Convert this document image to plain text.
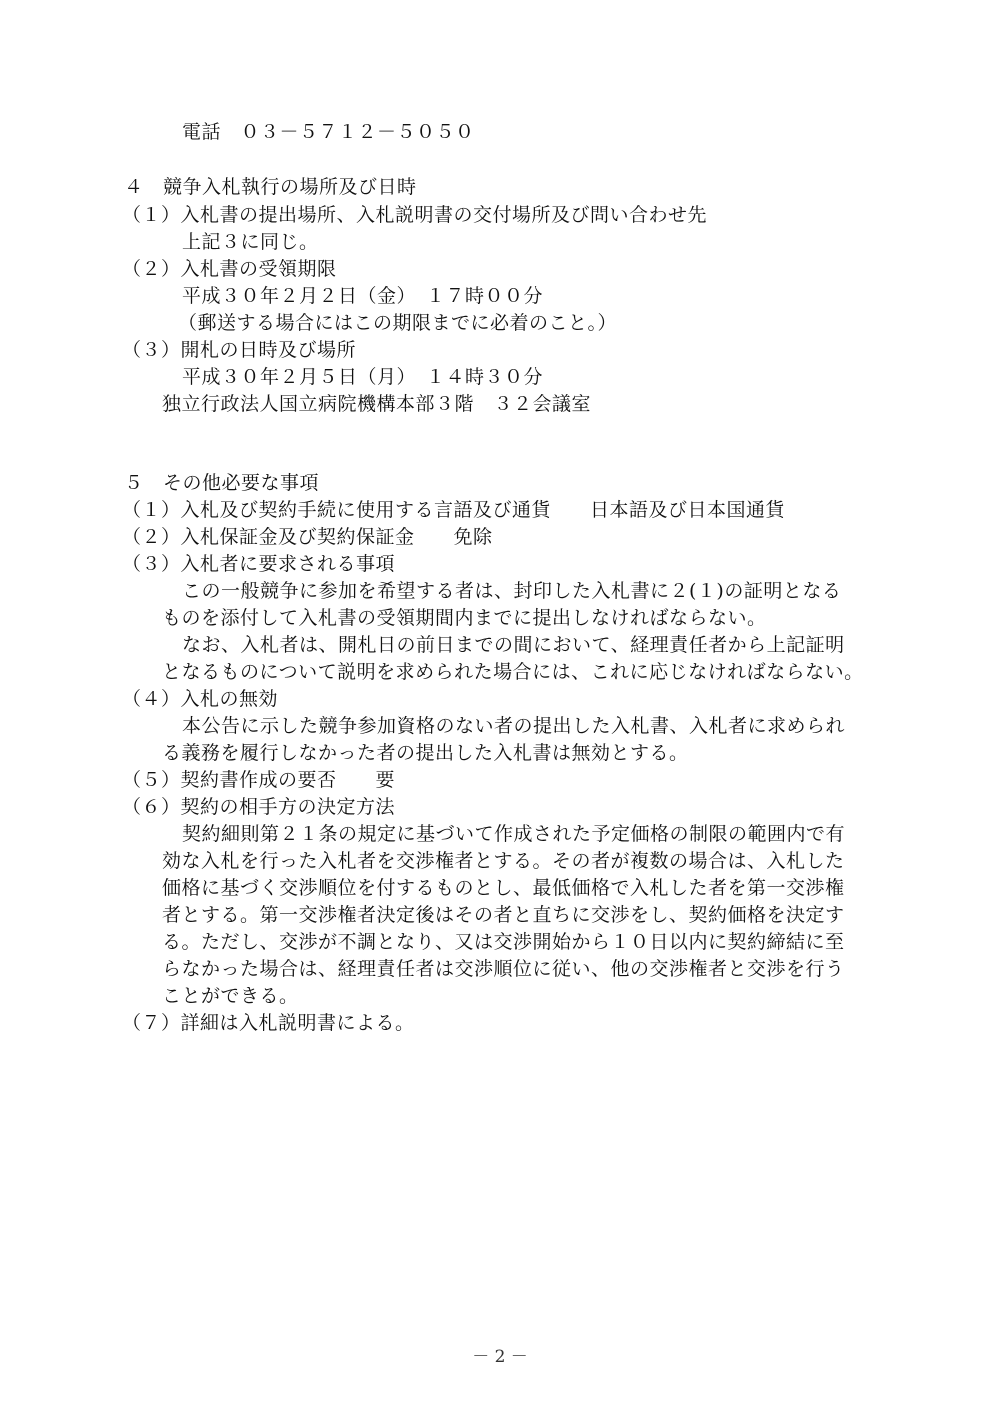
電話　０３－５７１２－５０５０
４　競争入札執行の場所及び日時
（１）入札書の提出場所、入札説明書の交付場所及び問い合わせ先
上記３に同じ。
（２）入札書の受領期限
平成３０年２月２日（金）　１７時００分
（郵送する場合にはこの期限までに必着のこと。）
（３）開札の日時及び場所
平成３０年２月５日（月）　１４時３０分
独立行政法人国立病院機構本部３階　３２会議室
５　その他必要な事項
（１）入札及び契約手続に使用する言語及び通貨　　日本語及び日本国通貨
（２）入札保証金及び契約保証金　　免除
（３）入札者に要求される事項
この一般競争に参加を希望する者は、封印した入札書に２(１)の証明となる
ものを添付して入札書の受領期間内までに提出しなければならない。
なお、入札者は、開札日の前日までの間において、経理責任者から上記証明
となるものについて説明を求められた場合には、これに応じなければならない。
（４）入札の無効
本公告に示した競争参加資格のない者の提出した入札書、入札者に求められ
る義務を履行しなかった者の提出した入札書は無効とする。
（５）契約書作成の要否　　要
（６）契約の相手方の決定方法
契約細則第２１条の規定に基づいて作成された予定価格の制限の範囲内で有
効な入札を行った入札者を交渉権者とする。その者が複数の場合は、入札した
価格に基づく交渉順位を付するものとし、最低価格で入札した者を第一交渉権
者とする。第一交渉権者決定後はその者と直ちに交渉をし、契約価格を決定す
る。ただし、交渉が不調となり、又は交渉開始から１０日以内に契約締結に至
らなかった場合は、経理責任者は交渉順位に従い、他の交渉権者と交渉を行う
ことができる。
（７）詳細は入札説明書による。
－ 2 －
